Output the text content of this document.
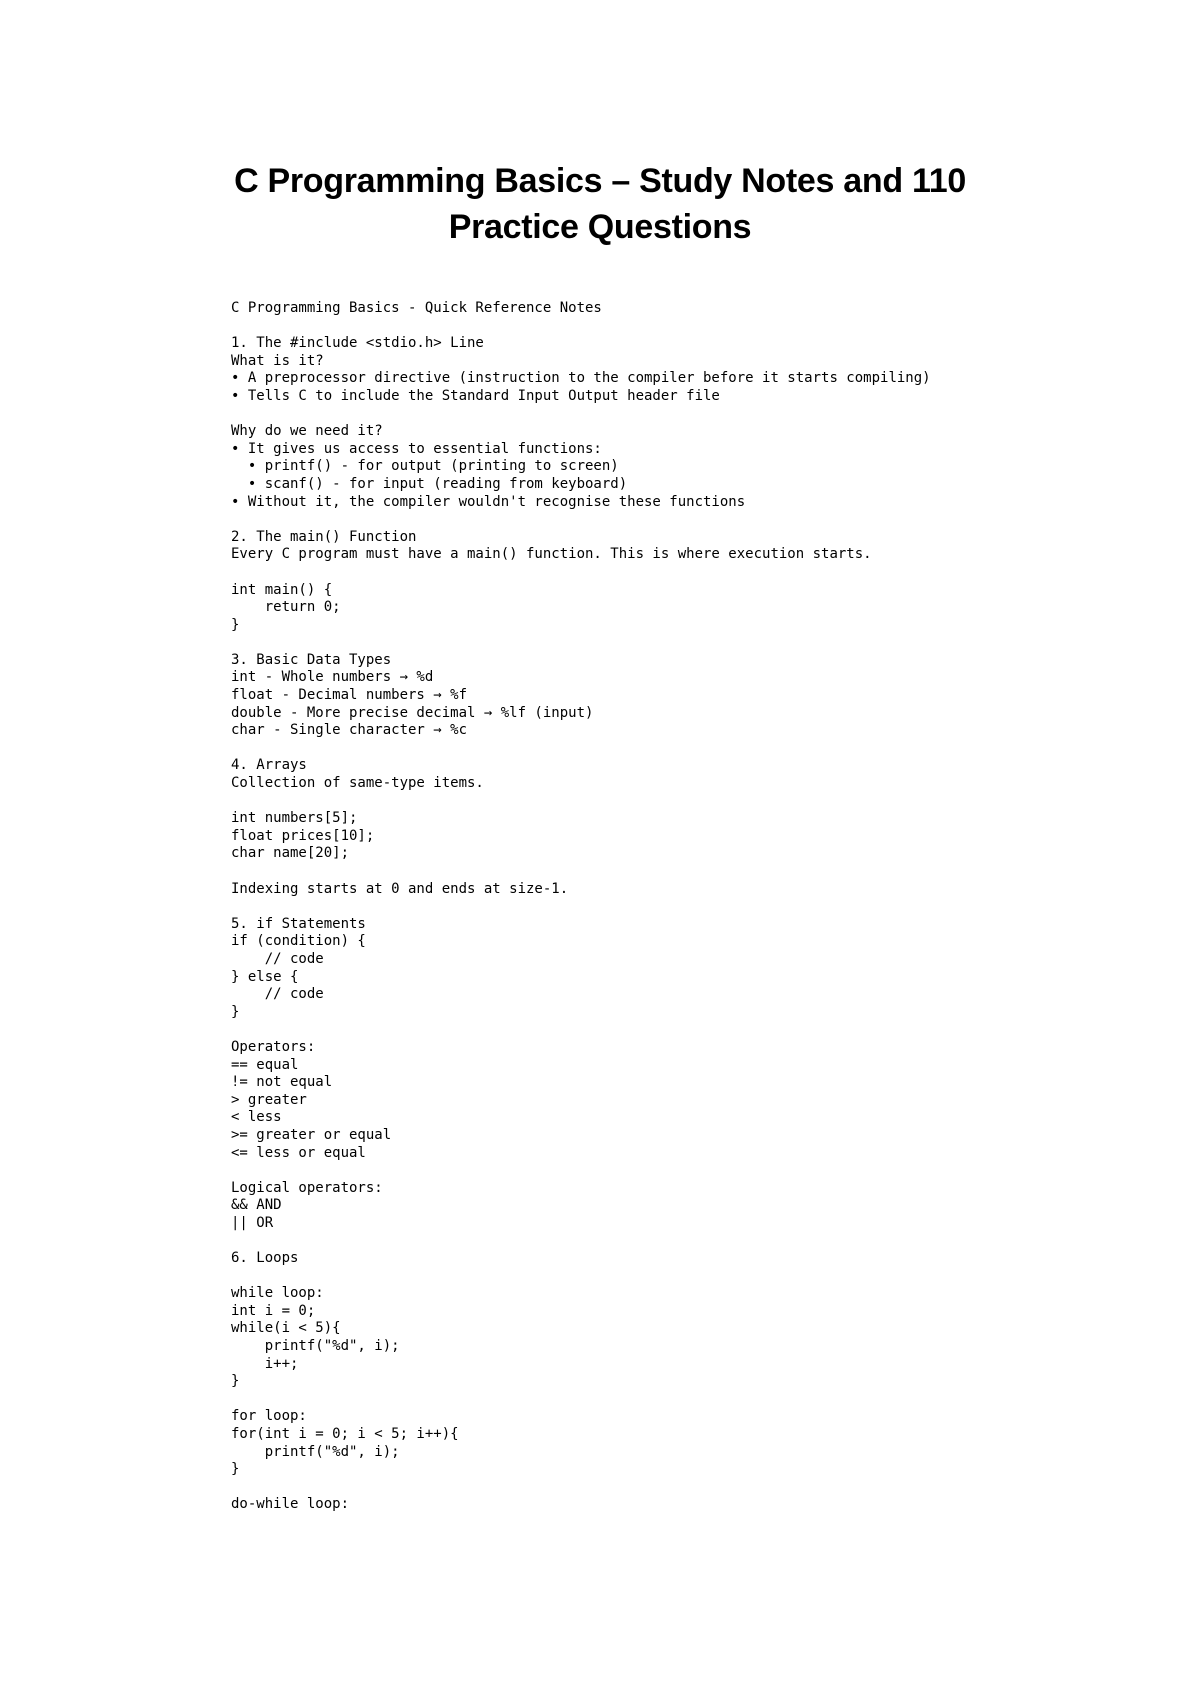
C Programming Basics – Study Notes and 110
Practice Questions
C Programming Basics - Quick Reference Notes
1. The #include <stdio.h> Line
What is it?
• A preprocessor directive (instruction to the compiler before it starts compiling)
• Tells C to include the Standard Input Output header file
Why do we need it?
• It gives us access to essential functions:
• printf() - for output (printing to screen)
• scanf() - for input (reading from keyboard)
• Without it, the compiler wouldn't recognise these functions
2. The main() Function
Every C program must have a main() function. This is where execution starts.
int main() {
return 0;
}
3. Basic Data Types
int - Whole numbers → %d
float - Decimal numbers → %f
double - More precise decimal → %lf (input)
char - Single character → %c
4. Arrays
Collection of same-type items.
int numbers[5];
float prices[10];
char name[20];
Indexing starts at 0 and ends at size-1.
5. if Statements
if (condition) {
// code
} else {
// code
}
Operators:
== equal
!= not equal
> greater
< less
>= greater or equal
<= less or equal
Logical operators:
&& AND
|| OR
6. Loops
while loop:
int i = 0;
while(i < 5){
printf("%d", i);
i++;
}
for loop:
for(int i = 0; i < 5; i++){
printf("%d", i);
}
do-while loop:
